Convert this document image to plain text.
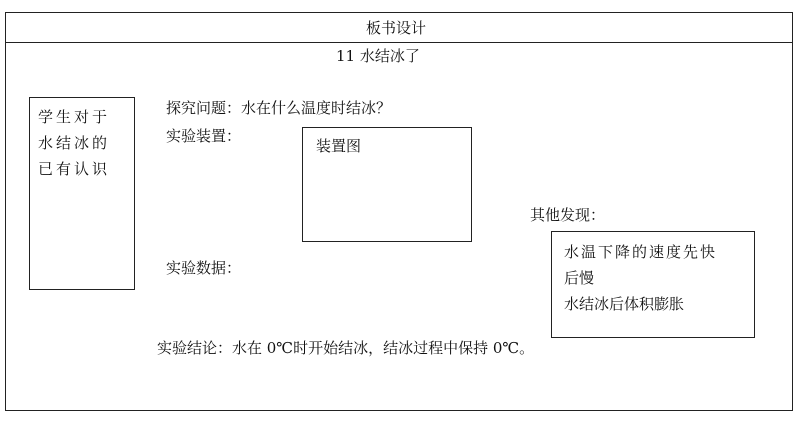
板书设计
11 水结冰了
学生对于水结冰的已有认识
探究问题：水在什么温度时结冰？
实验装置：
装置图
其他发现：
水温下降的速度先快
后慢
水结冰后体积膨胀
实验数据：
实验结论：水在 0℃时开始结冰，结冰过程中保持 0℃。
